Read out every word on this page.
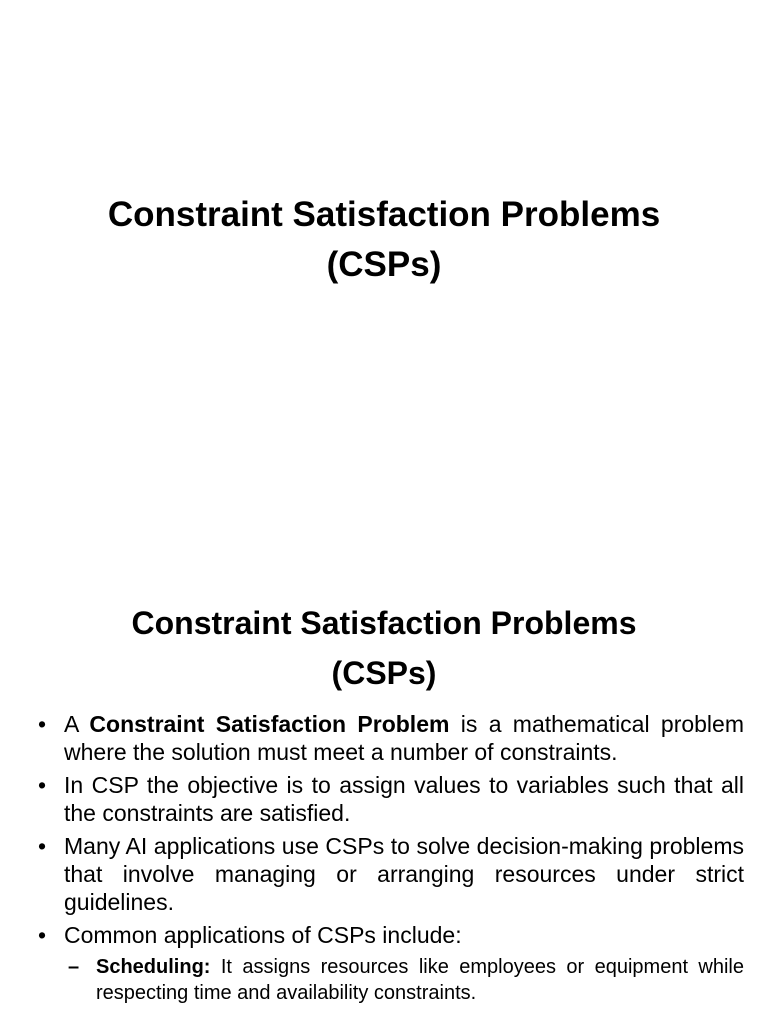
Constraint Satisfaction Problems
(CSPs)
Constraint Satisfaction Problems
(CSPs)
• A Constraint Satisfaction Problem is a mathematical problem where the solution must meet a number of constraints.
• In CSP the objective is to assign values to variables such that all the constraints are satisfied.
• Many AI applications use CSPs to solve decision-making problems that involve managing or arranging resources under strict guidelines.
• Common applications of CSPs include:
– Scheduling: It assigns resources like employees or equipment while respecting time and availability constraints.
